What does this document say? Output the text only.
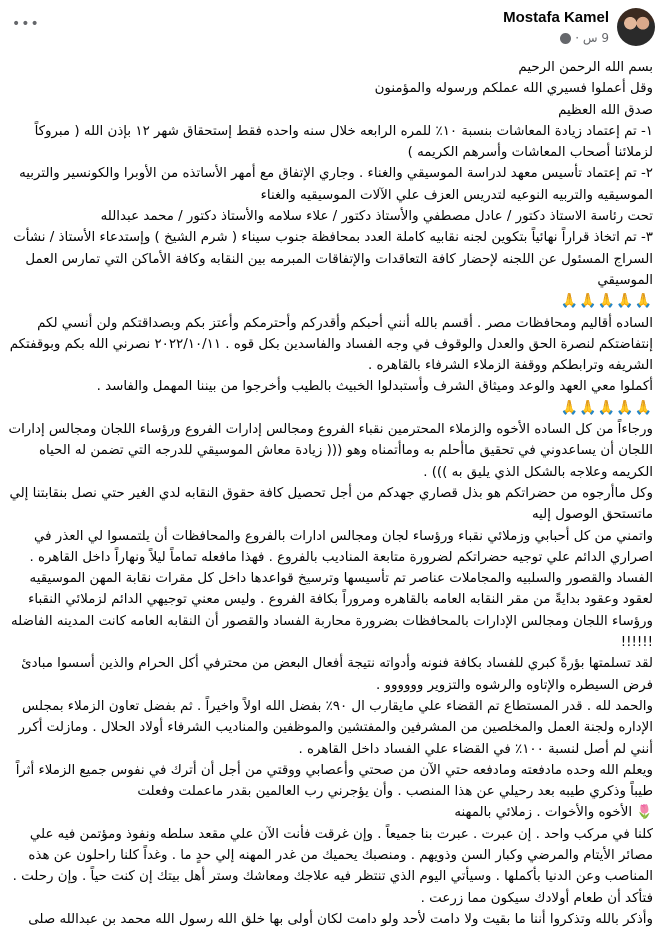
Mostafa Kamel
9 س ·
•••

بسم الله الرحمن الرحيم

وقل أعملوا فسيري الله عملكم ورسوله والمؤمنون

صدق الله العظيم

١- تم إعتماد زيادة المعاشات بنسبة ١٠٪ للمره الرابعه خلال سنه واحده فقط إستحقاق شهر ١٢ بإذن الله ( مبروكاً لزملائنا أصحاب المعاشات وأسرهم الكريمه )

٢- تم إعتماد تأسيس معهد لدراسة الموسيقي والغناء . وجاري الإتفاق مع أمهر الأساتذه من الأوبرا والكونسير والتربيه الموسيقيه والتربيه النوعيه لتدريس العزف علي الآلات الموسيقيه والغناء

تحت رئاسة الاستاذ دكتور / عادل مصطفي والأستاذ دكتور / علاء سلامه والأستاذ دكتور / محمد عبدالله

٣- تم اتخاذ قراراً نهائياً بتكوين لجنه نقابيه كاملة العدد بمحافظة جنوب سيناء ( شرم الشيخ ) وإستدعاء الأستاذ / نشأت السراج المسئول عن اللجنه لإحضار كافة التعاقدات والإتفاقات المبرمه بين النقابه وكافة الأماكن التي تمارس العمل الموسيقي

🙏🙏🙏🙏🙏

الساده أقاليم ومحافظات مصر . أقسم بالله أنني أحبكم وأقدركم وأحترمكم وأعتز بكم وبصداقتكم ولن أنسي لكم إنتفاضتكم لنصرة الحق والعدل والوقوف في وجه الفساد والفاسدين بكل قوه . ٢٠٢٢/١٠/١١ نصرني الله بكم وبوقفتكم الشريفه وترابطكم ووقفة الزملاء الشرفاء بالقاهره .

أكملوا معي العهد والوعد وميثاق الشرف وأستبدلوا الخبيث بالطيب وأخرجوا من بيننا المهمل والفاسد .

🙏🙏🙏🙏🙏

ورجاءاً من كل الساده الأخوه والزملاء المحترمين نقباء الفروع ومجالس إدارات الفروع ورؤساء اللجان ومجالس إدارات اللجان أن يساعدوني في تحقيق ماأحلم به وماأتمناه وهو ((( زيادة معاش الموسيقي للدرجه التي تضمن له الحياه الكريمه وعلاجه بالشكل الذي يليق به ))) .

وكل ماأرجوه من حضراتكم هو بذل قصاري جهدكم من أجل تحصيل كافة حقوق النقابه لدي الغير حتي نصل بنقابتنا إلي ماتستحق الوصول إليه

واتمني من كل أحبابي وزملائي نقباء ورؤساء لجان ومجالس ادارات بالفروع والمحافظات أن يلتمسوا لي العذر في اصراري الدائم علي توجيه حضراتكم لضرورة متابعة المناديب بالفروع . فهذا مافعله تماماً ليلاً ونهاراً داخل القاهره .

الفساد والقصور والسلبيه والمجاملات عناصر تم تأسيسها وترسيخ قواعدها داخل كل مقرات نقابة المهن الموسيقيه لعقود وعقود بدايةً من مقر النقابه العامه بالقاهره ومروراً بكافة الفروع . وليس معني توجيهي الدائم لزملائي النقباء ورؤساء اللجان ومجالس الإدارات بالمحافظات بضرورة محاربة الفساد والقصور أن النقابه العامه كانت المدينه الفاضله !!!!!!

لقد تسلمتها بؤرةً كبري للفساد بكافة فنونه وأدواته نتيجة أفعال البعض من محترفي أكل الحرام والذين أسسوا مبادئ فرض السيطره والإتاوه والرشوه والتزوير وووووو .

والحمد لله . قدر المستطاع تم القضاء علي مايقارب ال ٩٠٪ بفضل الله اولاً واخيراً . ثم بفضل تعاون الزملاء بمجلس الإداره ولجنة العمل والمخلصين من المشرفين والمفتشين والموظفين والمناديب الشرفاء أولاد الحلال . ومازلت أكرر أنني لم أصل لنسبة ١٠٠٪ في القضاء علي الفساد داخل القاهره .

ويعلم الله وحده مادفعته ومادفعه حتي الآن من صحتي وأعصابي ووقتي من أجل أن أترك في نفوس جميع الزملاء أثراً طيباً وذكري طيبه بعد رحيلي عن هذا المنصب . وأن يؤجرني رب العالمين بقدر ماعملت وفعلت

🌷 الأخوه والأخوات . زملائي بالمهنه

كلنا في مركب واحد . إن عبرت . عبرت بنا جميعاً . وإن غرقت فأنت الآن علي مقعد سلطه ونفوذ ومؤتمن فيه علي مصائر الأيتام والمرضي وكبار السن وذويهم . ومنصبك يحميك من غدر المهنه إلي حدٍ ما . وغداً كلنا راحلون عن هذه المناصب وعن الدنيا بأكملها . وسيأتي اليوم الذي تنتظر فيه علاجك ومعاشك وستر أهل بيتك إن كنت حياً . وإن رحلت . فتأكد أن طعام أولادك سيكون مما زرعت .

وأذكر بالله وتذكروا أننا ما بقيت ولا دامت لأحد ولو دامت لكان أولى بها خلق الله رسول الله محمد بن عبدالله صلى
